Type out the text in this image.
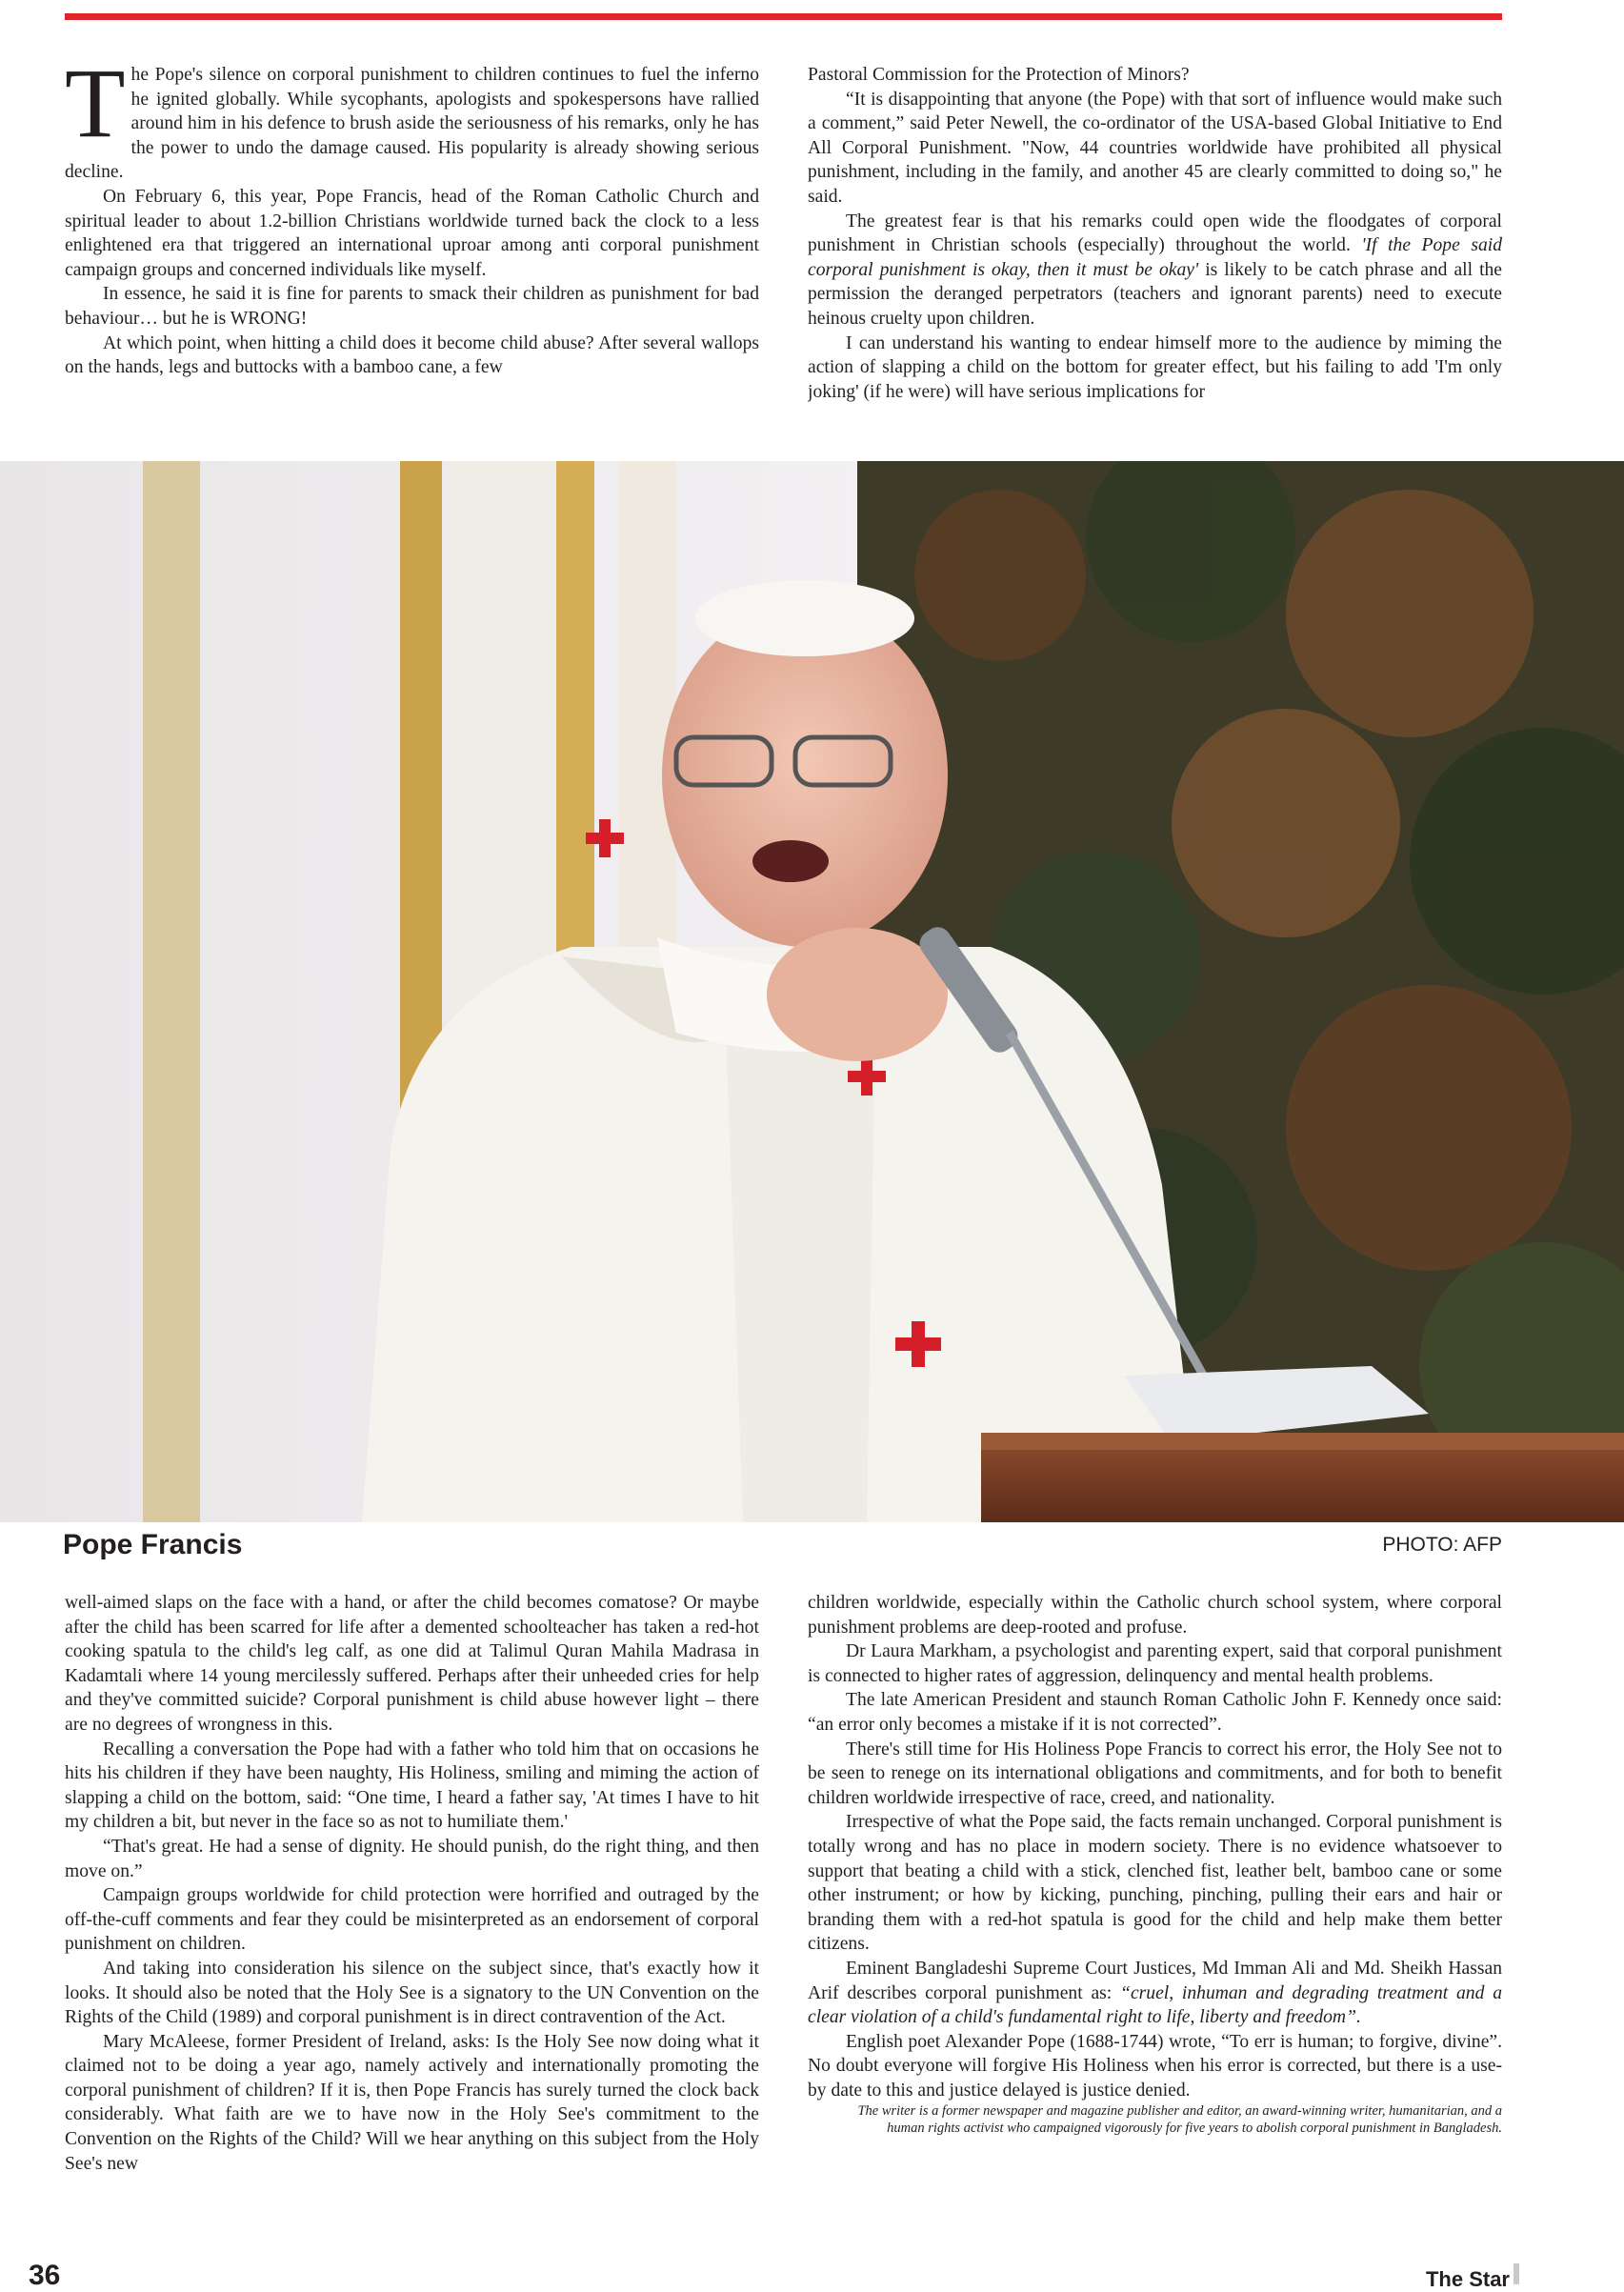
The Pope's silence on corporal punishment to children continues to fuel the inferno he ignited globally. While sycophants, apologists and spokespersons have rallied around him in his defence to brush aside the seriousness of his remarks, only he has the power to undo the damage caused. His popularity is already showing serious decline.

On February 6, this year, Pope Francis, head of the Roman Catholic Church and spiritual leader to about 1.2-billion Christians worldwide turned back the clock to a less enlightened era that triggered an international uproar among anti corporal punishment campaign groups and concerned individuals like myself.

In essence, he said it is fine for parents to smack their children as punishment for bad behaviour… but he is WRONG!

At which point, when hitting a child does it become child abuse? After several wallops on the hands, legs and buttocks with a bamboo cane, a few

Pastoral Commission for the Protection of Minors?

“It is disappointing that anyone (the Pope) with that sort of influence would make such a comment,” said Peter Newell, the co-ordinator of the USA-based Global Initiative to End All Corporal Punishment. "Now, 44 countries worldwide have prohibited all physical punishment, including in the family, and another 45 are clearly committed to doing so," he said.

The greatest fear is that his remarks could open wide the floodgates of corporal punishment in Christian schools (especially) throughout the world. 'If the Pope said corporal punishment is okay, then it must be okay' is likely to be catch phrase and all the permission the deranged perpetrators (teachers and ignorant parents) need to execute heinous cruelty upon children.

I can understand his wanting to endear himself more to the audience by miming the action of slapping a child on the bottom for greater effect, but his failing to add 'I'm only joking' (if he were) will have serious implications for

Pope Francis	PHOTO: AFP

well-aimed slaps on the face with a hand, or after the child becomes comatose? Or maybe after the child has been scarred for life after a demented schoolteacher has taken a red-hot cooking spatula to the child's leg calf, as one did at Talimul Quran Mahila Madrasa in Kadamtali where 14 young mercilessly suffered. Perhaps after their unheeded cries for help and they've committed suicide? Corporal punishment is child abuse however light – there are no degrees of wrongness in this.

Recalling a conversation the Pope had with a father who told him that on occasions he hits his children if they have been naughty, His Holiness, smiling and miming the action of slapping a child on the bottom, said: “One time, I heard a father say, 'At times I have to hit my children a bit, but never in the face so as not to humiliate them.'

“That's great. He had a sense of dignity. He should punish, do the right thing, and then move on.”

Campaign groups worldwide for child protection were horrified and outraged by the off-the-cuff comments and fear they could be misinterpreted as an endorsement of corporal punishment on children.

And taking into consideration his silence on the subject since, that's exactly how it looks. It should also be noted that the Holy See is a signatory to the UN Convention on the Rights of the Child (1989) and corporal punishment is in direct contravention of the Act.

Mary McAleese, former President of Ireland, asks: Is the Holy See now doing what it claimed not to be doing a year ago, namely actively and internationally promoting the corporal punishment of children? If it is, then Pope Francis has surely turned the clock back considerably. What faith are we to have now in the Holy See's commitment to the Convention on the Rights of the Child? Will we hear anything on this subject from the Holy See's new

children worldwide, especially within the Catholic church school system, where corporal punishment problems are deep-rooted and profuse.

Dr Laura Markham, a psychologist and parenting expert, said that corporal punishment is connected to higher rates of aggression, delinquency and mental health problems.

The late American President and staunch Roman Catholic John F. Kennedy once said: “an error only becomes a mistake if it is not corrected”.

There's still time for His Holiness Pope Francis to correct his error, the Holy See not to be seen to renege on its international obligations and commitments, and for both to benefit children worldwide irrespective of race, creed, and nationality.

Irrespective of what the Pope said, the facts remain unchanged. Corporal punishment is totally wrong and has no place in modern society. There is no evidence whatsoever to support that beating a child with a stick, clenched fist, leather belt, bamboo cane or some other instrument; or how by kicking, punching, pinching, pulling their ears and hair or branding them with a red-hot spatula is good for the child and help make them better citizens.

Eminent Bangladeshi Supreme Court Justices, Md Imman Ali and Md. Sheikh Hassan Arif describes corporal punishment as: “cruel, inhuman and degrading treatment and a clear violation of a child's fundamental right to life, liberty and freedom”.

English poet Alexander Pope (1688-1744) wrote, “To err is human; to forgive, divine”. No doubt everyone will forgive His Holiness when his error is corrected, but there is a use-by date to this and justice delayed is justice denied.

The writer is a former newspaper and magazine publisher and editor, an award-winning writer, humanitarian, and a human rights activist who campaigned vigorously for five years to abolish corporal punishment in Bangladesh.

36	The Star
